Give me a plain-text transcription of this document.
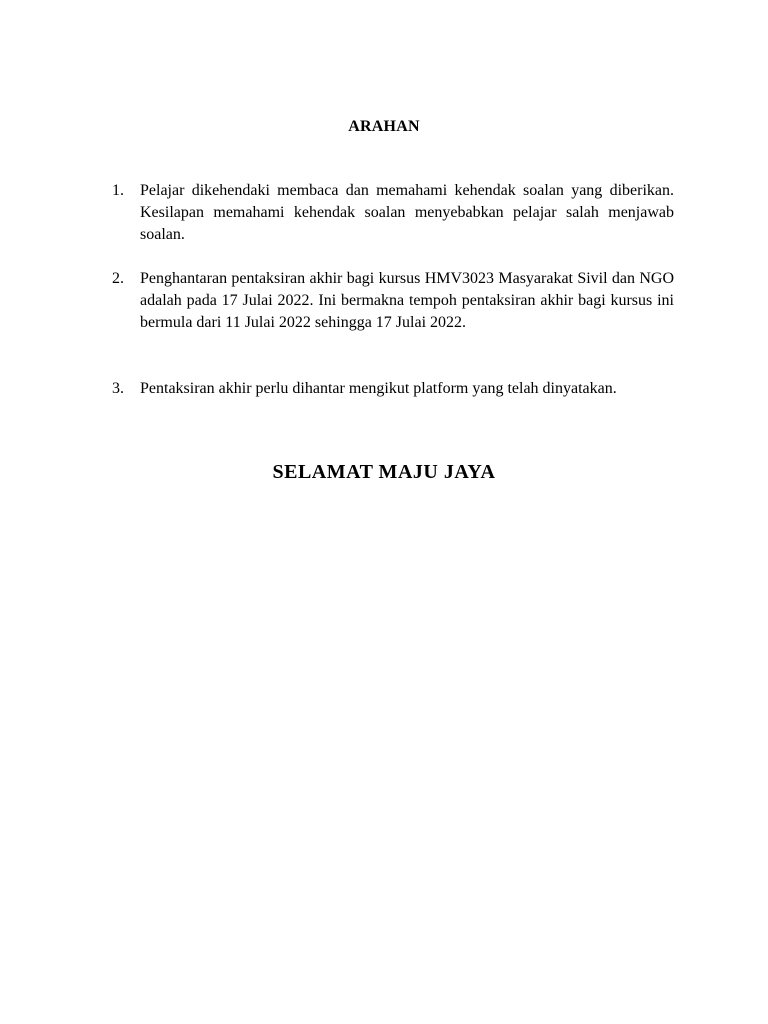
ARAHAN
1.	Pelajar dikehendaki membaca dan memahami kehendak soalan yang diberikan. Kesilapan memahami kehendak soalan menyebabkan pelajar salah menjawab soalan.
2.	Penghantaran pentaksiran akhir bagi kursus HMV3023 Masyarakat Sivil dan NGO adalah pada 17 Julai 2022. Ini bermakna tempoh pentaksiran akhir bagi kursus ini bermula dari 11 Julai 2022 sehingga 17 Julai 2022.
3.	Pentaksiran akhir perlu dihantar mengikut platform yang telah dinyatakan.
SELAMAT MAJU JAYA
